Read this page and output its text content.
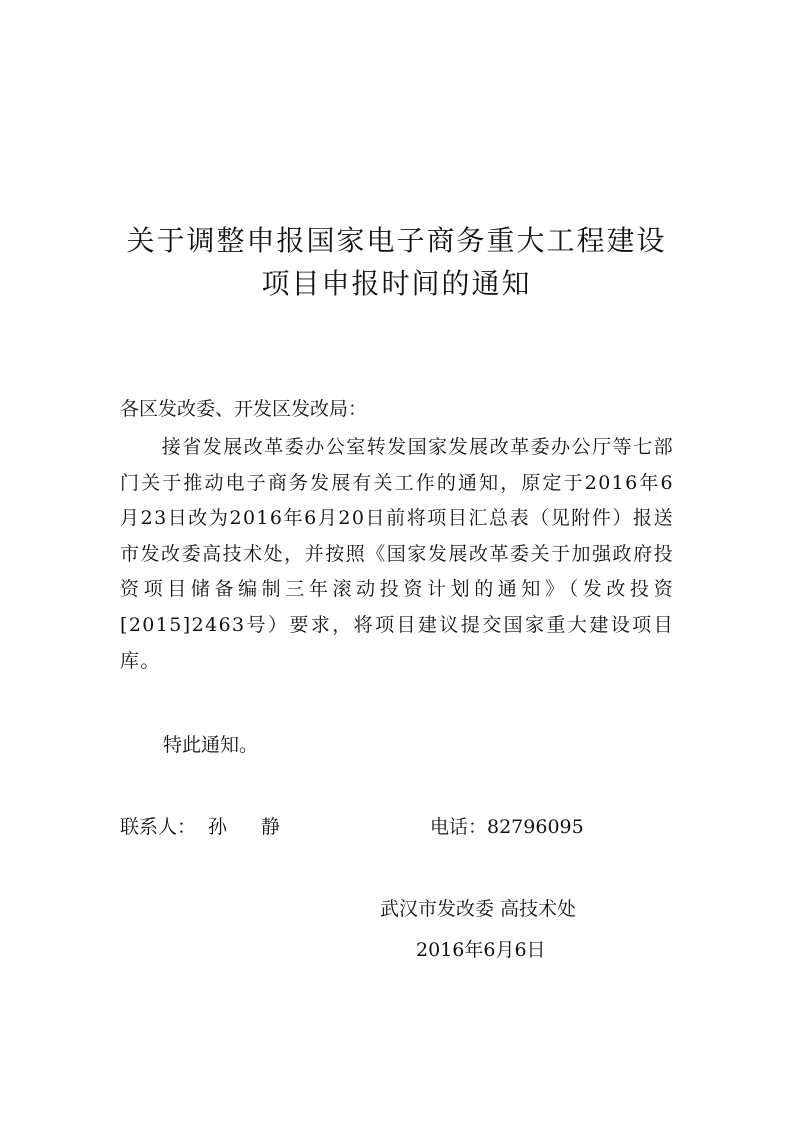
关于调整申报国家电子商务重大工程建设
项目申报时间的通知
各区发改委、开发区发改局：
接省发展改革委办公室转发国家发展改革委办公厅等七部门关于推动电子商务发展有关工作的通知，原定于2016年6月23日改为2016年6月20日前将项目汇总表（见附件）报送市发改委高技术处，并按照《国家发展改革委关于加强政府投资项目储备编制三年滚动投资计划的通知》（发改投资[2015]2463号）要求，将项目建议提交国家重大建设项目库。
特此通知。
联系人： 孙 静	电话：82796095
武汉市发改委 高技术处
2016年6月6日
